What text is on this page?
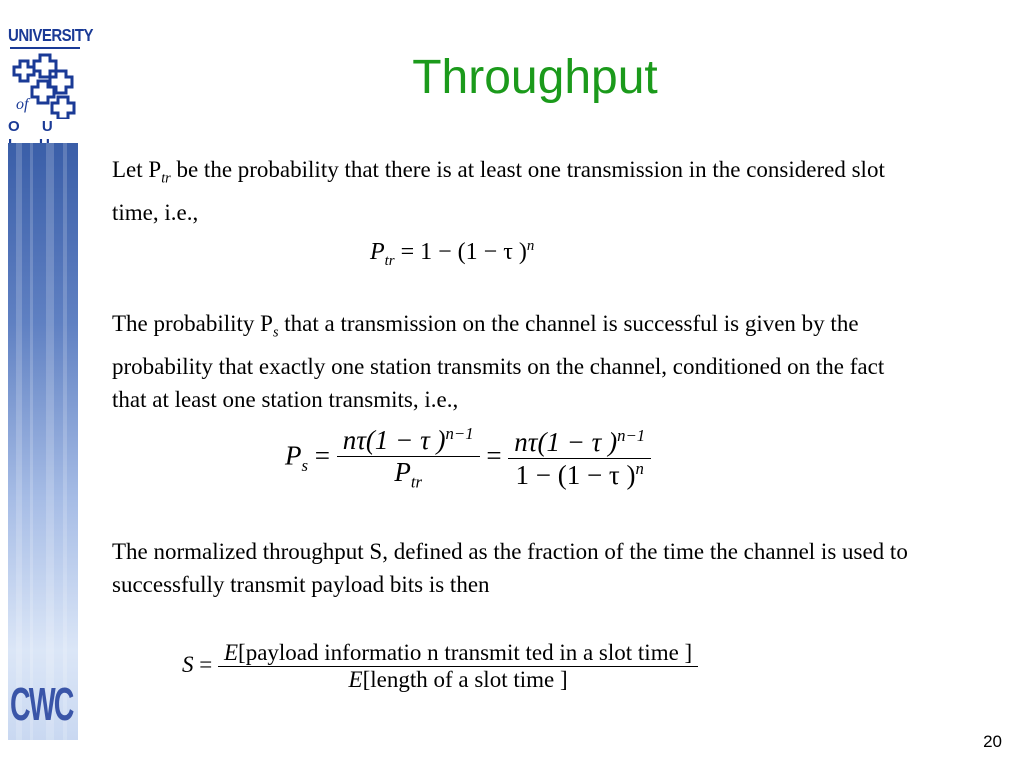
UNIVERSITY
of
O U
CWC
Throughput
Let $P_{tr}$ be the probability that there is at least one transmission in the considered slot time, i.e.,
$P_{tr} = 1 - (1 - \tau$ )$^n$
The probability $P_s$ that a transmission on the channel is successful is given by the probability that exactly one station transmits on the channel, conditioned on the fact that at least one station transmits, i.e.,
$P_s = \frac{n\tau(1 - \tau )^{n-1}}{P_{tr}} = \frac{n\tau(1 - \tau )^{n-1}}{1 - (1 - \tau )^n}$
The normalized throughput S, defined as the fraction of the time the channel is used to successfully transmit payload bits is then
$S = \frac{\text{E[payload informatio n transmit ted in a slot time ]}}{\text{E[length of a slot time ]}}$
20
